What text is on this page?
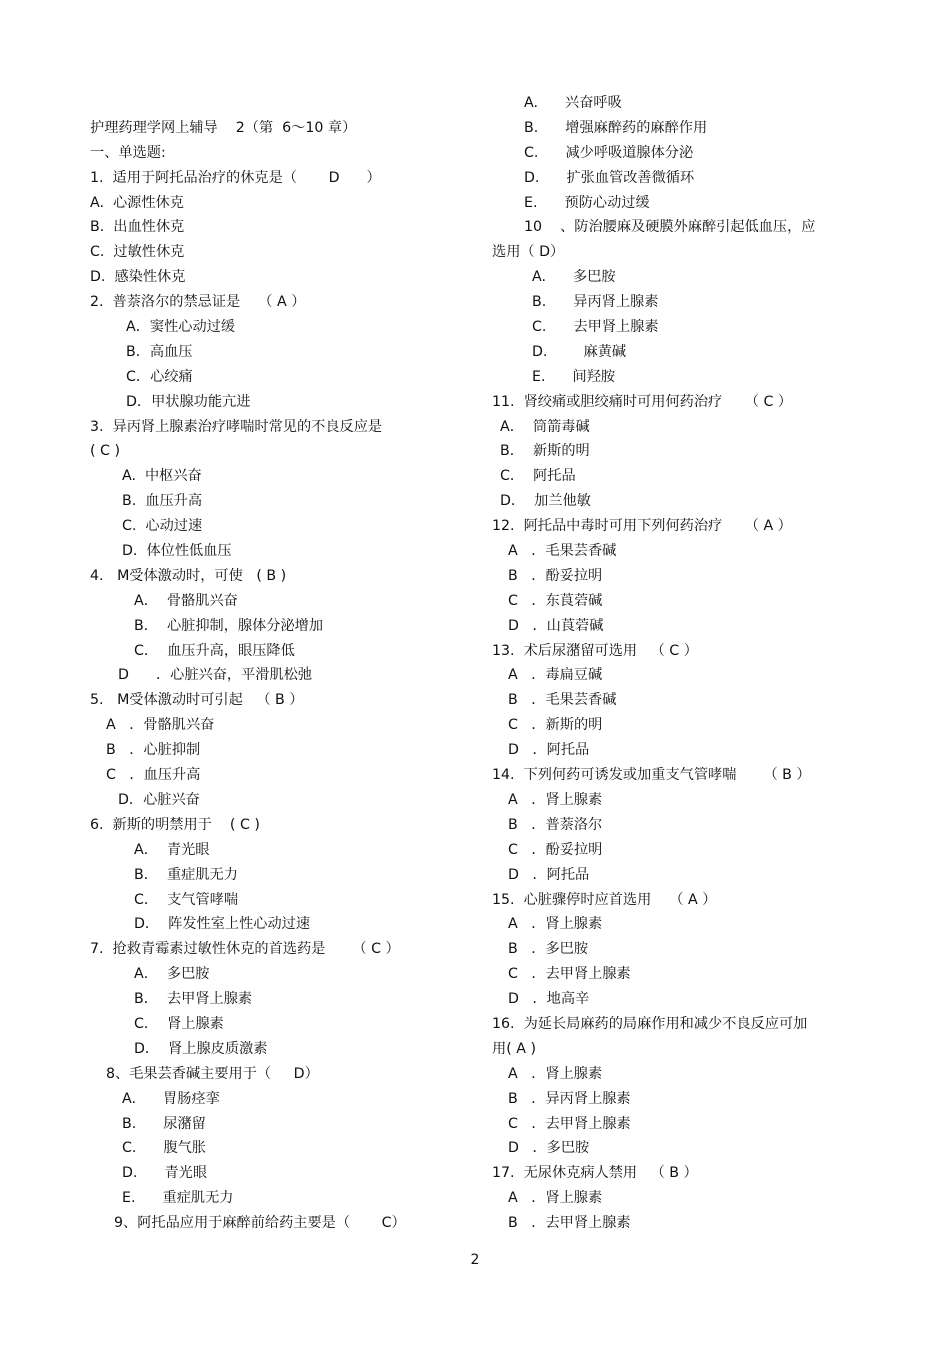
护理药理学网上辅导    2（第  6～10 章）
一、单选题:
1.  适用于阿托品治疗的休克是（       D      ）
A.  心源性休克
B.  出血性休克
C.  过敏性休克
D.  感染性休克
2.  普萘洛尔的禁忌证是    （ A ）
A．窦性心动过缓
B．高血压
C．心绞痛
D．甲状腺功能亢进
3.  异丙肾上腺素治疗哮喘时常见的不良反应是
( C )
A.  中枢兴奋
B.  血压升高
C.  心动过速
D.  体位性低血压
4.   M受体激动时，可使   ( B )
A．  骨骼肌兴奋
B．  心脏抑制，腺体分泌增加
C．  血压升高，眼压降低
D      ．心脏兴奋，平滑肌松弛
5.   M受体激动时可引起   （ B ）
A   ．骨骼肌兴奋
B   ．心脏抑制
C   ．血压升高
D．心脏兴奋
6.  新斯的明禁用于    ( C )
A．  青光眼
B．  重症肌无力
C．  支气管哮喘
D．  阵发性室上性心动过速
7.  抢救青霉素过敏性休克的首选药是      （ C ）
A．  多巴胺
B．  去甲肾上腺素
C．  肾上腺素
D．  肾上腺皮质激素
8、毛果芸香碱主要用于（     D）
A.      胃肠痉挛
B.      尿潴留
C.      腹气胀
D.      青光眼
E.      重症肌无力
9、阿托品应用于麻醉前给药主要是（       C）
A.      兴奋呼吸
B.      增强麻醉药的麻醉作用
C.      减少呼吸道腺体分泌
D.      扩张血管改善微循环
E.      预防心动过缓
10    、防治腰麻及硬膜外麻醉引起低血压，应
选用（ D）
A.      多巴胺
B.      异丙肾上腺素
C.      去甲肾上腺素
D.        麻黄碱
E.      间羟胺
11.  肾绞痛或胆绞痛时可用何药治疗     （ C ）
A．  筒箭毒碱
B．  新斯的明
C．  阿托品
D．  加兰他敏
12.  阿托品中毒时可用下列何药治疗     （ A ）
A   ．毛果芸香碱
B   ．酚妥拉明
C   ．东莨菪碱
D   ．山莨菪碱
13.  术后尿潴留可选用   （ C ）
A   ．毒扁豆碱
B   ．毛果芸香碱
C   ．新斯的明
D   ．阿托品
14.  下列何药可诱发或加重支气管哮喘      （ B ）
A   ．肾上腺素
B   ．普萘洛尔
C   ．酚妥拉明
D   ．阿托品
15.  心脏骤停时应首选用    （ A ）
A   ．肾上腺素
B   ．多巴胺
C   ．去甲肾上腺素
D   ．地高辛
16.  为延长局麻药的局麻作用和减少不良反应可加
用( A )
A   ．肾上腺素
B   ．异丙肾上腺素
C   ．去甲肾上腺素
D   ．多巴胺
17.  无尿休克病人禁用   （ B ）
A   ．肾上腺素
B   ．去甲肾上腺素
2
